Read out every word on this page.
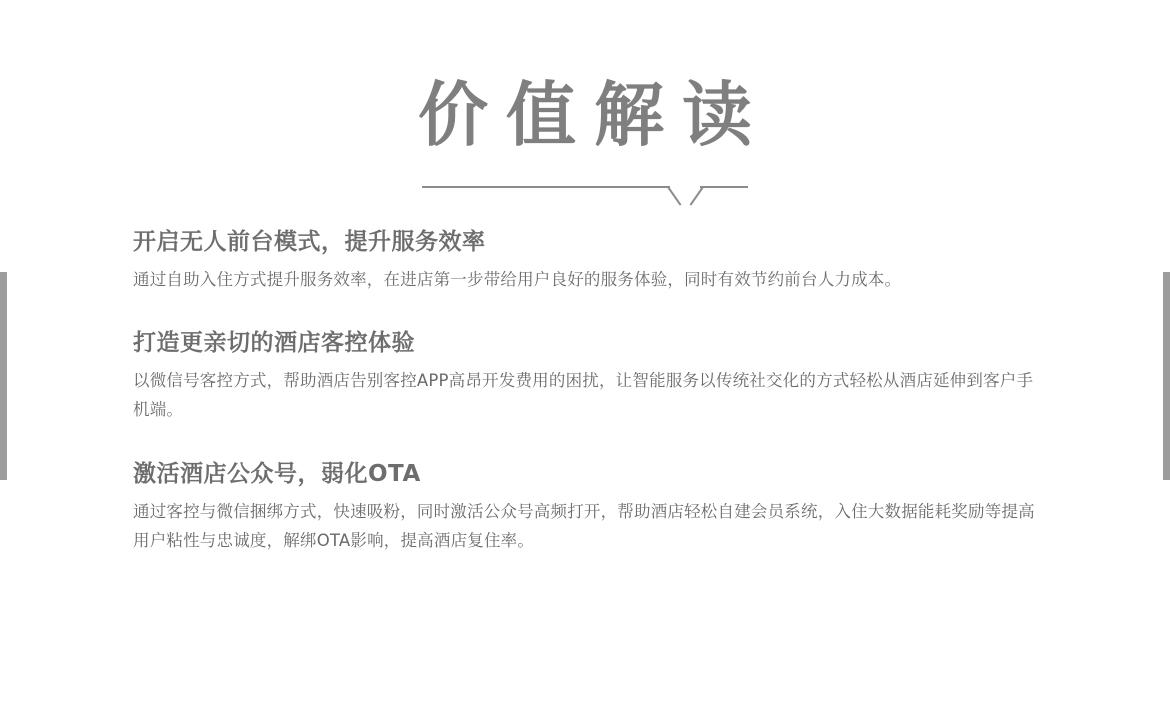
价值解读
开启无人前台模式，提升服务效率

通过自助入住方式提升服务效率，在进店第一步带给用户良好的服务体验，同时有效节约前台人力成本。

打造更亲切的酒店客控体验

以微信号客控方式，帮助酒店告别客控APP高昂开发费用的困扰，让智能服务以传统社交化的方式轻松从酒店延伸到客户手机端。

激活酒店公众号，弱化OTA

通过客控与微信捆绑方式，快速吸粉，同时激活公众号高频打开，帮助酒店轻松自建会员系统，入住大数据能耗奖励等提高用户粘性与忠诚度，解绑OTA影响，提高酒店复住率。
